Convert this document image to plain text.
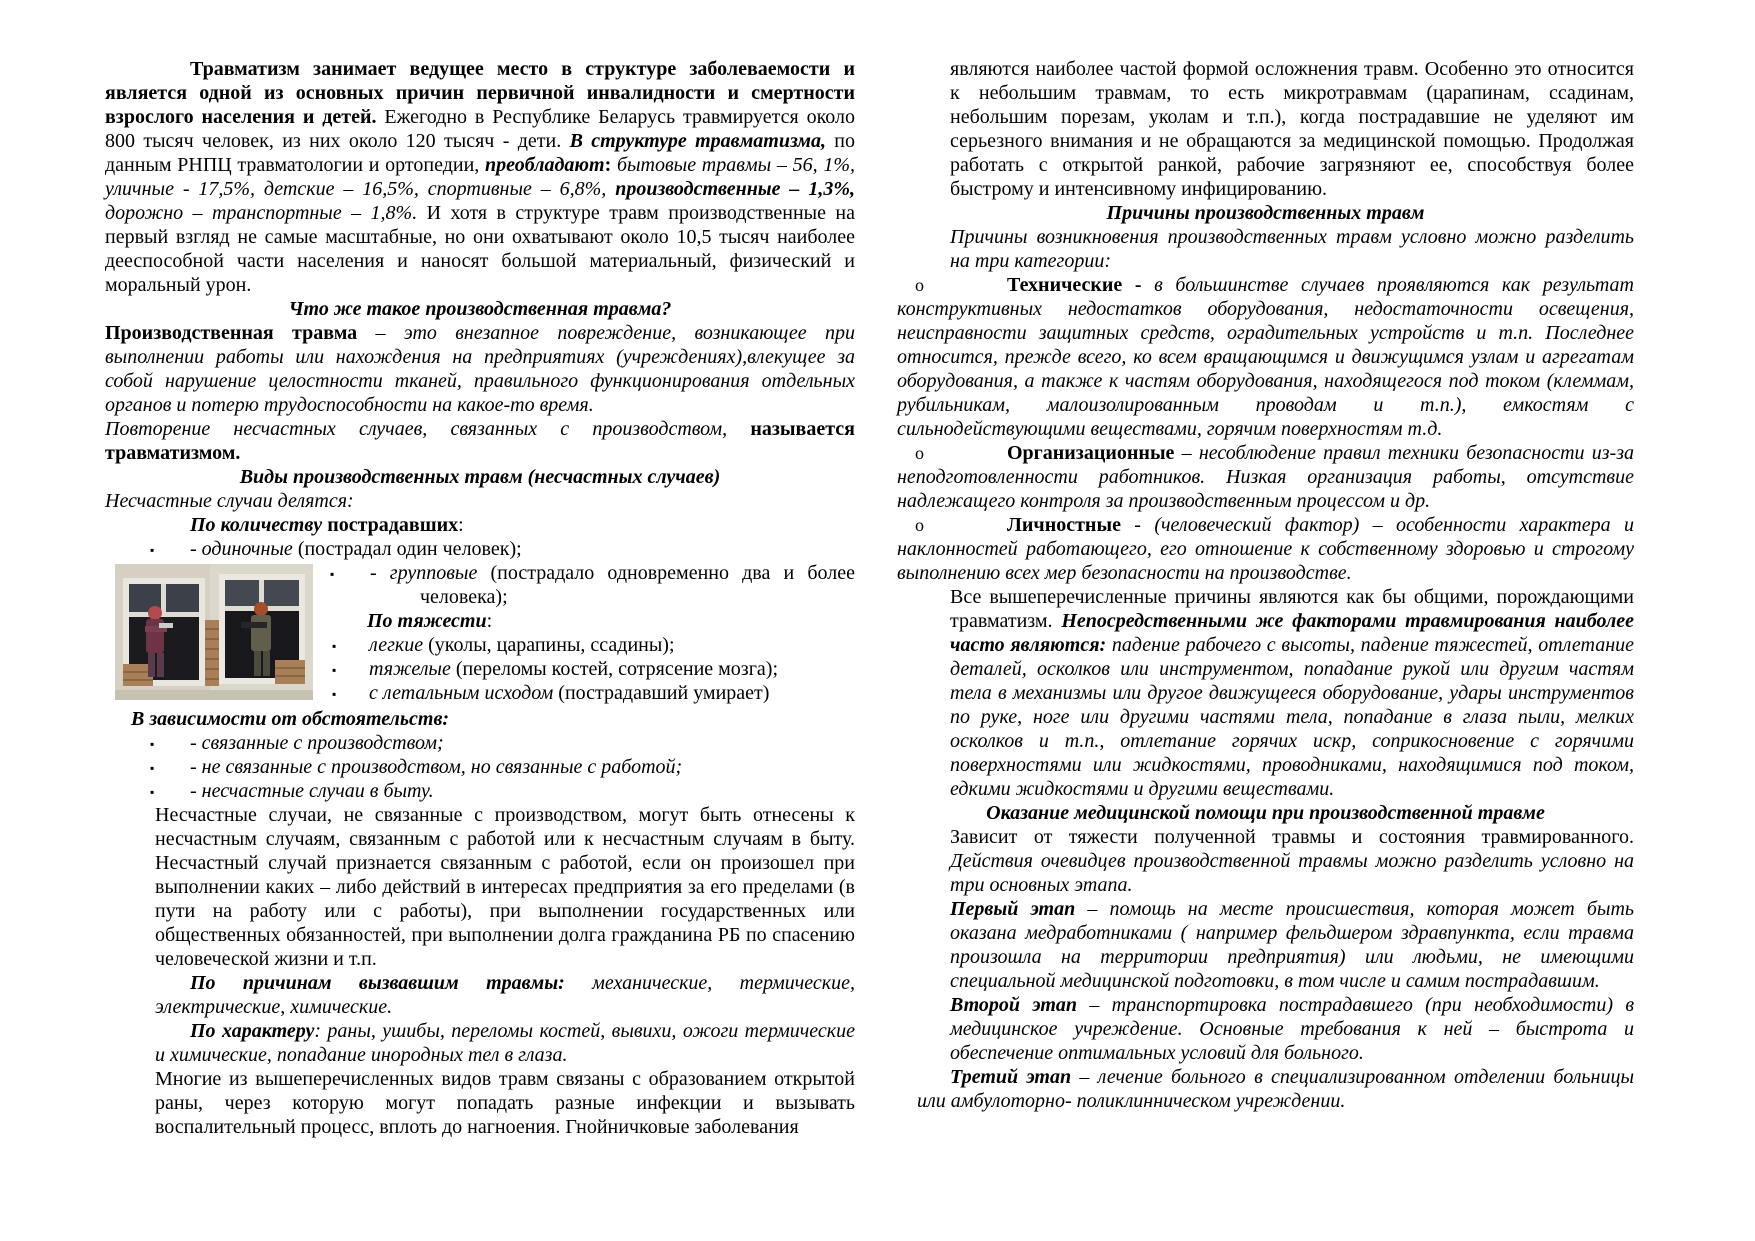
Травматизм занимает ведущее место в структуре заболеваемости и является одной из основных причин первичной инвалидности и смертности взрослого населения и детей. Ежегодно в Республике Беларусь травмируется около 800 тысяч человек, из них около 120 тысяч - дети. В структуре травматизма, по данным РНПЦ травматологии и ортопедии, преобладают: бытовые травмы – 56, 1%, уличные - 17,5%, детские – 16,5%, спортивные – 6,8%, производственные – 1,3%, дорожно – транспортные – 1,8%. И хотя в структуре травм производственные на первый взгляд не самые масштабные, но они охватывают около 10,5 тысяч наиболее дееспособной части населения и наносят большой материальный, физический и моральный урон.

Что же такое производственная травма?

Производственная травма – это внезапное повреждение, возникающее при выполнении работы или нахождения на предприятиях (учреждениях),влекущее за собой нарушение целостности тканей, правильного функционирования отдельных органов и потерю трудоспособности на какое-то время.

Повторение несчастных случаев, связанных с производством, называется травматизмом.

Виды производственных травм (несчастных случаев)

Несчастные случаи делятся:

По количеству пострадавших:

▪ - одиночные (пострадал один человек);
▪ - групповые (пострадало одновременно два и более человека);

По тяжести:

▪ легкие (уколы, царапины, ссадины);
▪ тяжелые (переломы костей, сотрясение мозга);
▪ с летальным исходом (пострадавший умирает)

В зависимости от обстоятельств:

▪ - связанные с производством;
▪ - не связанные с производством, но связанные с работой;
▪ - несчастные случаи в быту.

Несчастные случаи, не связанные с производством, могут быть отнесены к несчастным случаям, связанным с работой или к несчастным случаям в быту. Несчастный случай признается связанным с работой, если он произошел при выполнении каких – либо действий в интересах предприятия за его пределами (в пути на работу или с работы), при выполнении государственных или общественных обязанностей, при выполнении долга гражданина РБ по спасению человеческой жизни и т.п.

По причинам вызвавшим травмы: механические, термические, электрические, химические.

По характеру: раны, ушибы, переломы костей, вывихи, ожоги термические и химические, попадание инородных тел в глаза.

Многие из вышеперечисленных видов травм связаны с образованием открытой раны, через которую могут попадать разные инфекции и вызывать воспалительный процесс, вплоть до нагноения. Гнойничковые заболевания

являются наиболее частой формой осложнения травм. Особенно это относится к небольшим травмам, то есть микротравмам (царапинам, ссадинам, небольшим порезам, уколам и т.п.), когда пострадавшие не уделяют им серьезного внимания и не обращаются за медицинской помощью. Продолжая работать с открытой ранкой, рабочие загрязняют ее, способствуя более быстрому и интенсивному инфицированию.

Причины производственных травм

Причины возникновения производственных травм условно можно разделить на три категории:

o	Технические - в большинстве случаев проявляются как результат конструктивных недостатков оборудования, недостаточности освещения, неисправности защитных средств, оградительных устройств и т.п. Последнее относится, прежде всего, ко всем вращающимся и движущимся узлам и агрегатам оборудования, а также к частям оборудования, находящегося под током (клеммам, рубильникам, малоизолированным проводам и т.п.), емкостям с сильнодействующими веществами, горячим поверхностям т.д.
o	Организационные – несоблюдение правил техники безопасности из-за неподготовленности работников. Низкая организация работы, отсутствие надлежащего контроля за производственным процессом и др.
o	Личностные - (человеческий фактор) – особенности характера и наклонностей работающего, его отношение к собственному здоровью и строгому выполнению всех мер безопасности на производстве.

Все вышеперечисленные причины являются как бы общими, порождающими травматизм. Непосредственными же факторами травмирования наиболее часто являются: падение рабочего с высоты, падение тяжестей, отлетание деталей, осколков или инструментом, попадание рукой или другим частям тела в механизмы или другое движущееся оборудование, удары инструментов по руке, ноге или другими частями тела, попадание в глаза пыли, мелких осколков и т.п., отлетание горячих искр, соприкосновение с горячими поверхностями или жидкостями, проводниками, находящимися под током, едкими жидкостями и другими веществами.

Оказание медицинской помощи при производственной травме

Зависит от тяжести полученной травмы и состояния травмированного. Действия очевидцев производственной травмы можно разделить условно на три основных этапа.

Первый этап – помощь на месте происшествия, которая может быть оказана медработниками ( например фельдшером здравпункта, если травма произошла на территории предприятия) или людьми, не имеющими специальной медицинской подготовки, в том числе и самим пострадавшим.

Второй этап – транспортировка пострадавшего (при необходимости) в медицинское учреждение. Основные требования к ней – быстрота и обеспечение оптимальных условий для больного.

Третий этап – лечение больного в специализированном отделении больницы или амбулоторно- поликлинническом учреждении.
